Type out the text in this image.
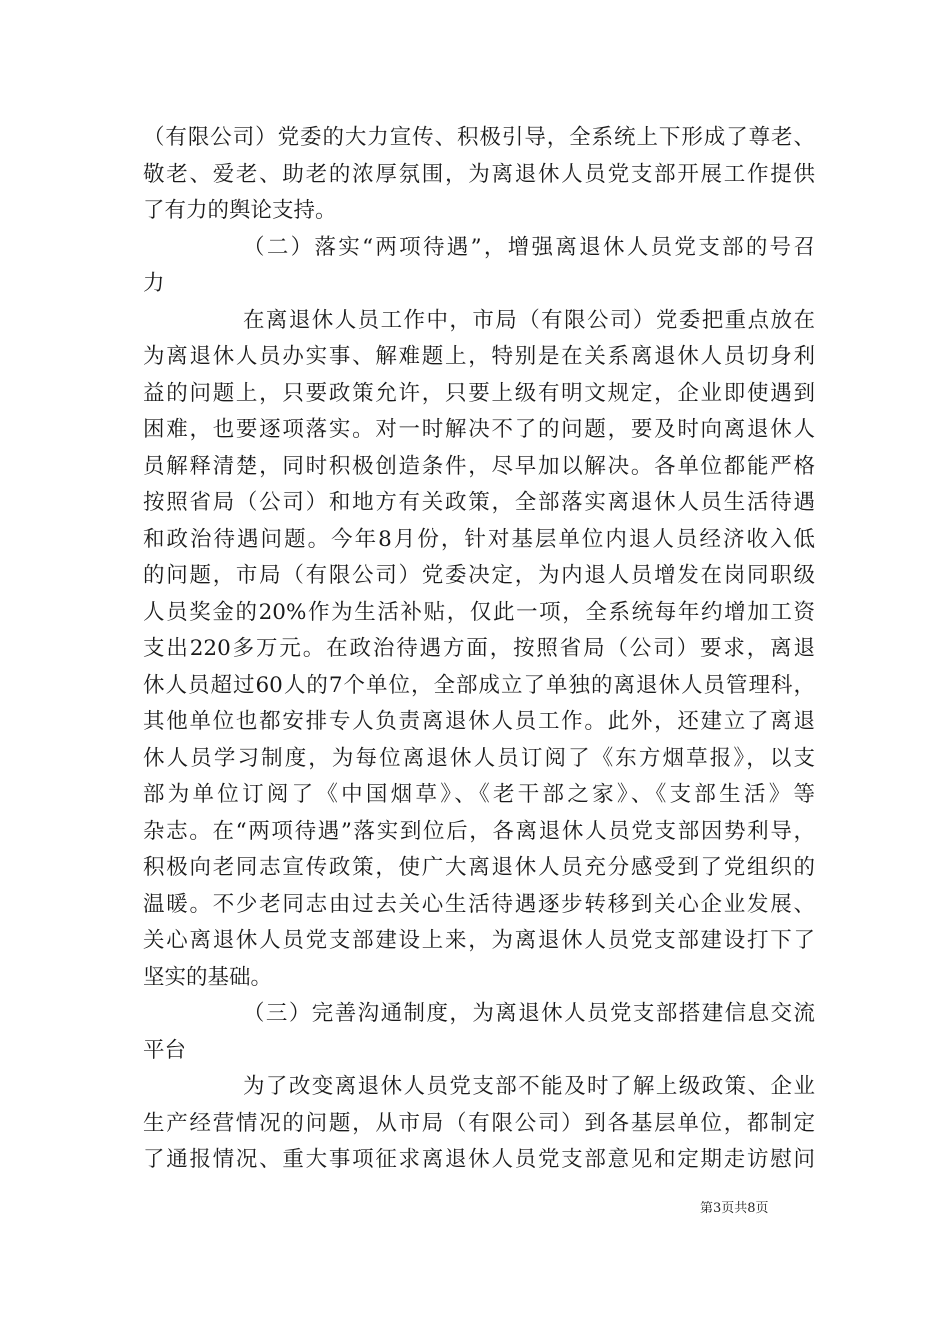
（有限公司）党委的大力宣传、积极引导，全系统上下形成了尊老、
敬老、爱老、助老的浓厚氛围，为离退休人员党支部开展工作提供
了有力的舆论支持。
（二）落实“两项待遇”，增强离退休人员党支部的号召
力
在离退休人员工作中，市局（有限公司）党委把重点放在
为离退休人员办实事、解难题上，特别是在关系离退休人员切身利
益的问题上，只要政策允许，只要上级有明文规定，企业即使遇到
困难，也要逐项落实。对一时解决不了的问题，要及时向离退休人
员解释清楚，同时积极创造条件，尽早加以解决。各单位都能严格
按照省局（公司）和地方有关政策，全部落实离退休人员生活待遇
和政治待遇问题。今年8月份，针对基层单位内退人员经济收入低
的问题，市局（有限公司）党委决定，为内退人员增发在岗同职级
人员奖金的20%作为生活补贴，仅此一项，全系统每年约增加工资
支出220多万元。在政治待遇方面，按照省局（公司）要求，离退
休人员超过60人的7个单位，全部成立了单独的离退休人员管理科，
其他单位也都安排专人负责离退休人员工作。此外，还建立了离退
休人员学习制度，为每位离退休人员订阅了《东方烟草报》，以支
部为单位订阅了《中国烟草》、《老干部之家》、《支部生活》等
杂志。在“两项待遇”落实到位后，各离退休人员党支部因势利导，
积极向老同志宣传政策，使广大离退休人员充分感受到了党组织的
温暖。不少老同志由过去关心生活待遇逐步转移到关心企业发展、
关心离退休人员党支部建设上来，为离退休人员党支部建设打下了
坚实的基础。
（三）完善沟通制度，为离退休人员党支部搭建信息交流
平台
为了改变离退休人员党支部不能及时了解上级政策、企业
生产经营情况的问题，从市局（有限公司）到各基层单位，都制定
了通报情况、重大事项征求离退休人员党支部意见和定期走访慰问
第3页共8页
